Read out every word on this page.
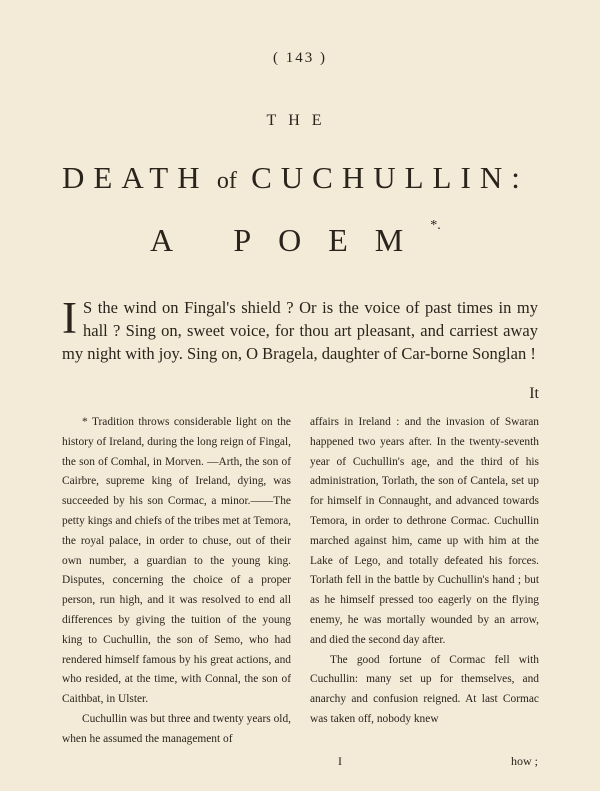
( 143 )
THE
DEATH of CUCHULLIN:
A POEM*.
I S the wind on Fingal's shield ? Or is the voice of past times in my hall ? Sing on, sweet voice, for thou art pleasant, and carriest away my night with joy. Sing on, O Bragela, daughter of Car-borne Songlan !
It

* Tradition throws considerable light on the history of Ireland, during the long reign of Fingal, the son of Comhal, in Morven. —Arth, the son of Cairbre, supreme king of Ireland, dying, was succeeded by his son Cormac, a minor.——The petty kings and chiefs of the tribes met at Temora, the royal palace, in order to chuse, out of their own number, a guardian to the young king. Disputes, concerning the choice of a proper person, run high, and it was resolved to end all differences by giving the tuition of the young king to Cuchullin, the son of Semo, who had rendered himself famous by his great actions, and who resided, at the time, with Connal, the son of Caithbat, in Ulster.

Cuchullin was but three and twenty years old, when he assumed the management of

affairs in Ireland : and the invasion of Swaran happened two years after. In the twenty-seventh year of Cuchullin's age, and the third of his administration, Torlath, the son of Cantela, set up for himself in Connaught, and advanced towards Temora, in order to dethrone Cormac. Cuchullin marched against him, came up with him at the Lake of Lego, and totally defeated his forces. Torlath fell in the battle by Cuchullin's hand ; but as he himself pressed too eagerly on the flying enemy, he was mortally wounded by an arrow, and died the second day after.

The good fortune of Cormac fell with Cuchullin: many set up for themselves, and anarchy and confusion reigned. At last Cormac was taken off, nobody knew

I	how ;
